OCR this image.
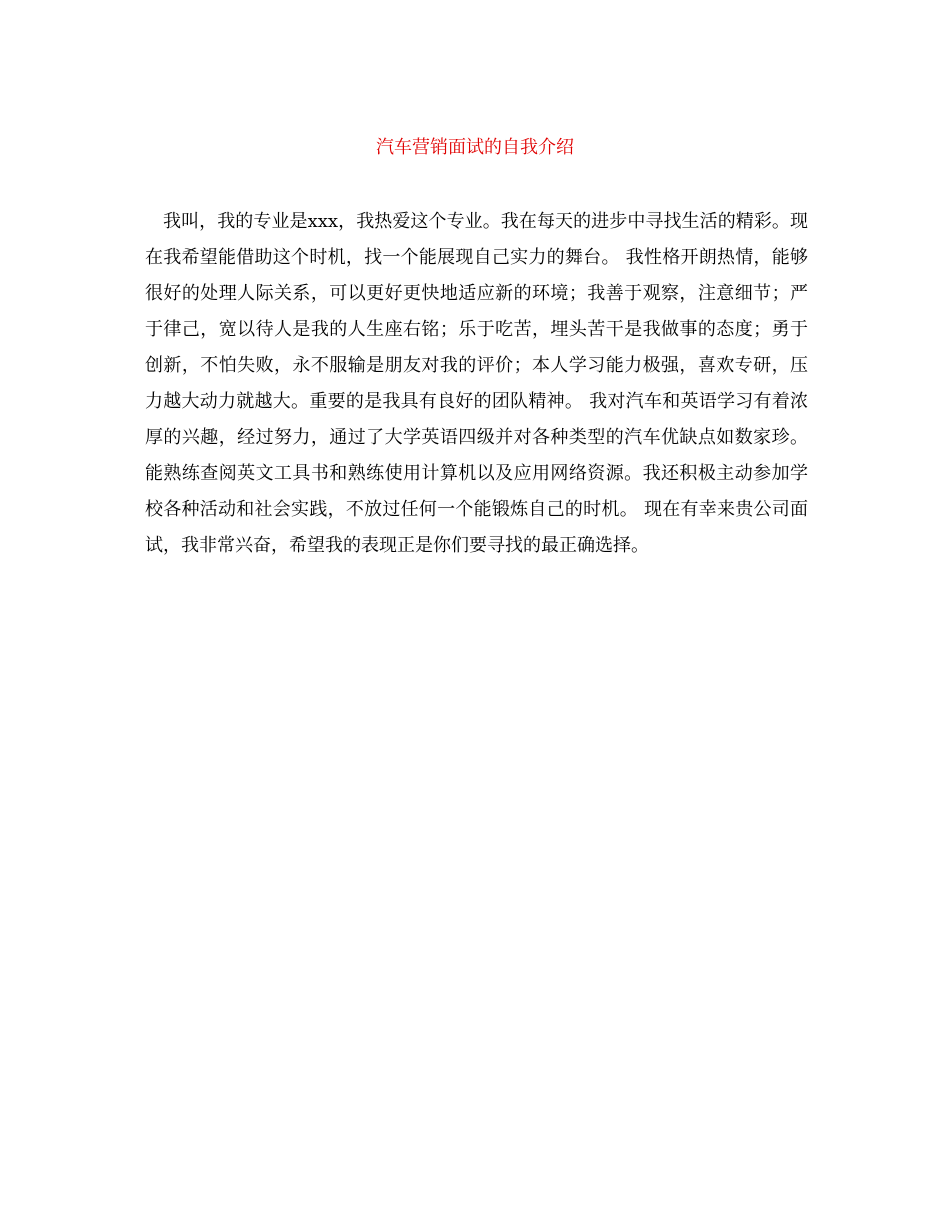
汽车营销面试的自我介绍

我叫，我的专业是xxx，我热爱这个专业。我在每天的进步中寻找生活的精彩。现在我希望能借助这个时机，找一个能展现自己实力的舞台。 我性格开朗热情，能够很好的处理人际关系，可以更好更快地适应新的环境；我善于观察，注意细节；严于律己，宽以待人是我的人生座右铭；乐于吃苦，埋头苦干是我做事的态度；勇于创新，不怕失败，永不服输是朋友对我的评价；本人学习能力极强，喜欢专研，压力越大动力就越大。重要的是我具有良好的团队精神。 我对汽车和英语学习有着浓厚的兴趣，经过努力，通过了大学英语四级并对各种类型的汽车优缺点如数家珍。能熟练查阅英文工具书和熟练使用计算机以及应用网络资源。我还积极主动参加学校各种活动和社会实践，不放过任何一个能锻炼自己的时机。 现在有幸来贵公司面试，我非常兴奋，希望我的表现正是你们要寻找的最正确选择。
